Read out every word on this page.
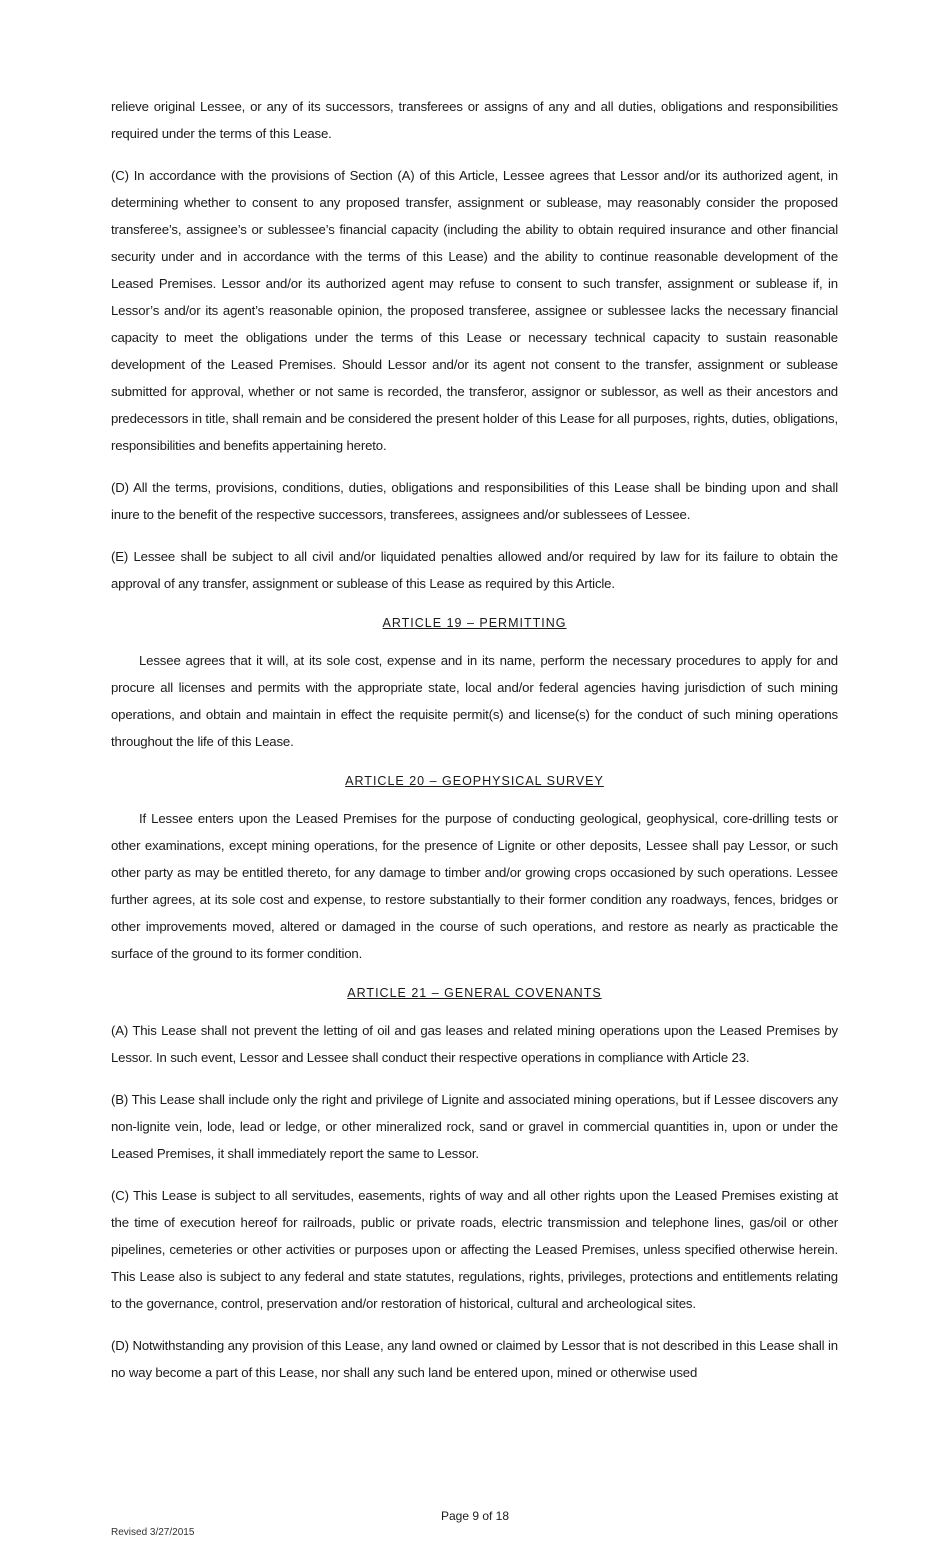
relieve original Lessee, or any of its successors, transferees or assigns of any and all duties, obligations and responsibilities required under the terms of this Lease.

(C) In accordance with the provisions of Section (A) of this Article, Lessee agrees that Lessor and/or its authorized agent, in determining whether to consent to any proposed transfer, assignment or sublease, may reasonably consider the proposed transferee’s, assignee’s or sublessee’s financial capacity (including the ability to obtain required insurance and other financial security under and in accordance with the terms of this Lease) and the ability to continue reasonable development of the Leased Premises. Lessor and/or its authorized agent may refuse to consent to such transfer, assignment or sublease if, in Lessor’s and/or its agent’s reasonable opinion, the proposed transferee, assignee or sublessee lacks the necessary financial capacity to meet the obligations under the terms of this Lease or necessary technical capacity to sustain reasonable development of the Leased Premises. Should Lessor and/or its agent not consent to the transfer, assignment or sublease submitted for approval, whether or not same is recorded, the transferor, assignor or sublessor, as well as their ancestors and predecessors in title, shall remain and be considered the present holder of this Lease for all purposes, rights, duties, obligations, responsibilities and benefits appertaining hereto.

(D) All the terms, provisions, conditions, duties, obligations and responsibilities of this Lease shall be binding upon and shall inure to the benefit of the respective successors, transferees, assignees and/or sublessees of Lessee.

(E) Lessee shall be subject to all civil and/or liquidated penalties allowed and/or required by law for its failure to obtain the approval of any transfer, assignment or sublease of this Lease as required by this Article.

ARTICLE 19 – PERMITTING

Lessee agrees that it will, at its sole cost, expense and in its name, perform the necessary procedures to apply for and procure all licenses and permits with the appropriate state, local and/or federal agencies having jurisdiction of such mining operations, and obtain and maintain in effect the requisite permit(s) and license(s) for the conduct of such mining operations throughout the life of this Lease.

ARTICLE 20 – GEOPHYSICAL SURVEY

If Lessee enters upon the Leased Premises for the purpose of conducting geological, geophysical, core-drilling tests or other examinations, except mining operations, for the presence of Lignite or other deposits, Lessee shall pay Lessor, or such other party as may be entitled thereto, for any damage to timber and/or growing crops occasioned by such operations. Lessee further agrees, at its sole cost and expense, to restore substantially to their former condition any roadways, fences, bridges or other improvements moved, altered or damaged in the course of such operations, and restore as nearly as practicable the surface of the ground to its former condition.

ARTICLE 21 – GENERAL COVENANTS

(A) This Lease shall not prevent the letting of oil and gas leases and related mining operations upon the Leased Premises by Lessor. In such event, Lessor and Lessee shall conduct their respective operations in compliance with Article 23.

(B) This Lease shall include only the right and privilege of Lignite and associated mining operations, but if Lessee discovers any non-lignite vein, lode, lead or ledge, or other mineralized rock, sand or gravel in commercial quantities in, upon or under the Leased Premises, it shall immediately report the same to Lessor.

(C) This Lease is subject to all servitudes, easements, rights of way and all other rights upon the Leased Premises existing at the time of execution hereof for railroads, public or private roads, electric transmission and telephone lines, gas/oil or other pipelines, cemeteries or other activities or purposes upon or affecting the Leased Premises, unless specified otherwise herein. This Lease also is subject to any federal and state statutes, regulations, rights, privileges, protections and entitlements relating to the governance, control, preservation and/or restoration of historical, cultural and archeological sites.

(D) Notwithstanding any provision of this Lease, any land owned or claimed by Lessor that is not described in this Lease shall in no way become a part of this Lease, nor shall any such land be entered upon, mined or otherwise used

Page 9 of 18
Revised 3/27/2015
